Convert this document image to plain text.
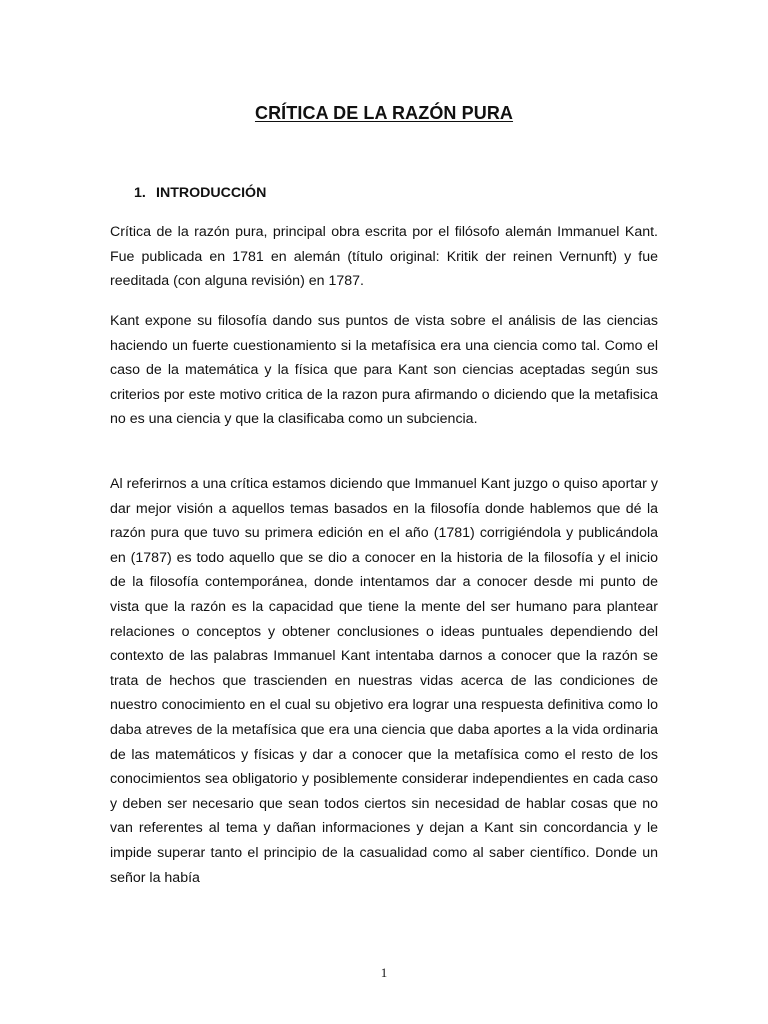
CRÍTICA DE LA RAZÓN PURA
1. INTRODUCCIÓN

Crítica de la razón pura, principal obra escrita por el filósofo alemán Immanuel Kant. Fue publicada en 1781 en alemán (título original: Kritik der reinen Vernunft) y fue reeditada (con alguna revisión) en 1787.

Kant expone su filosofía dando sus puntos de vista sobre el análisis de las ciencias haciendo un fuerte cuestionamiento si la metafísica era una ciencia como tal. Como el caso de la matemática y la física que para Kant son ciencias aceptadas según sus criterios por este motivo critica de la razon pura afirmando o diciendo que la metafisica no es una ciencia y que la clasificaba como un subciencia.

Al referirnos a una crítica estamos diciendo que Immanuel Kant juzgo o quiso aportar y dar mejor visión a aquellos temas basados en la filosofía donde hablemos que dé la razón pura que tuvo su primera edición en el año (1781) corrigiéndola y publicándola en (1787) es todo aquello que se dio a conocer en la historia de la filosofía y el inicio de la filosofía contemporánea, donde intentamos dar a conocer desde mi punto de vista que la razón es la capacidad que tiene la mente del ser humano para plantear relaciones o conceptos y obtener conclusiones o ideas puntuales dependiendo del contexto de las palabras Immanuel Kant intentaba darnos a conocer que la razón se trata de hechos que trascienden en nuestras vidas acerca de las condiciones de nuestro conocimiento en el cual su objetivo era lograr una respuesta definitiva como lo daba atreves de la metafísica que era una ciencia que daba aportes a la vida ordinaria de las matemáticos y físicas y dar a conocer que la metafísica como el resto de los conocimientos sea obligatorio y posiblemente considerar independientes en cada caso y deben ser necesario que sean todos ciertos sin necesidad de hablar cosas que no van referentes al tema y dañan informaciones y dejan a Kant sin concordancia y le impide superar tanto el principio de la casualidad como al saber científico. Donde un señor la había

1
